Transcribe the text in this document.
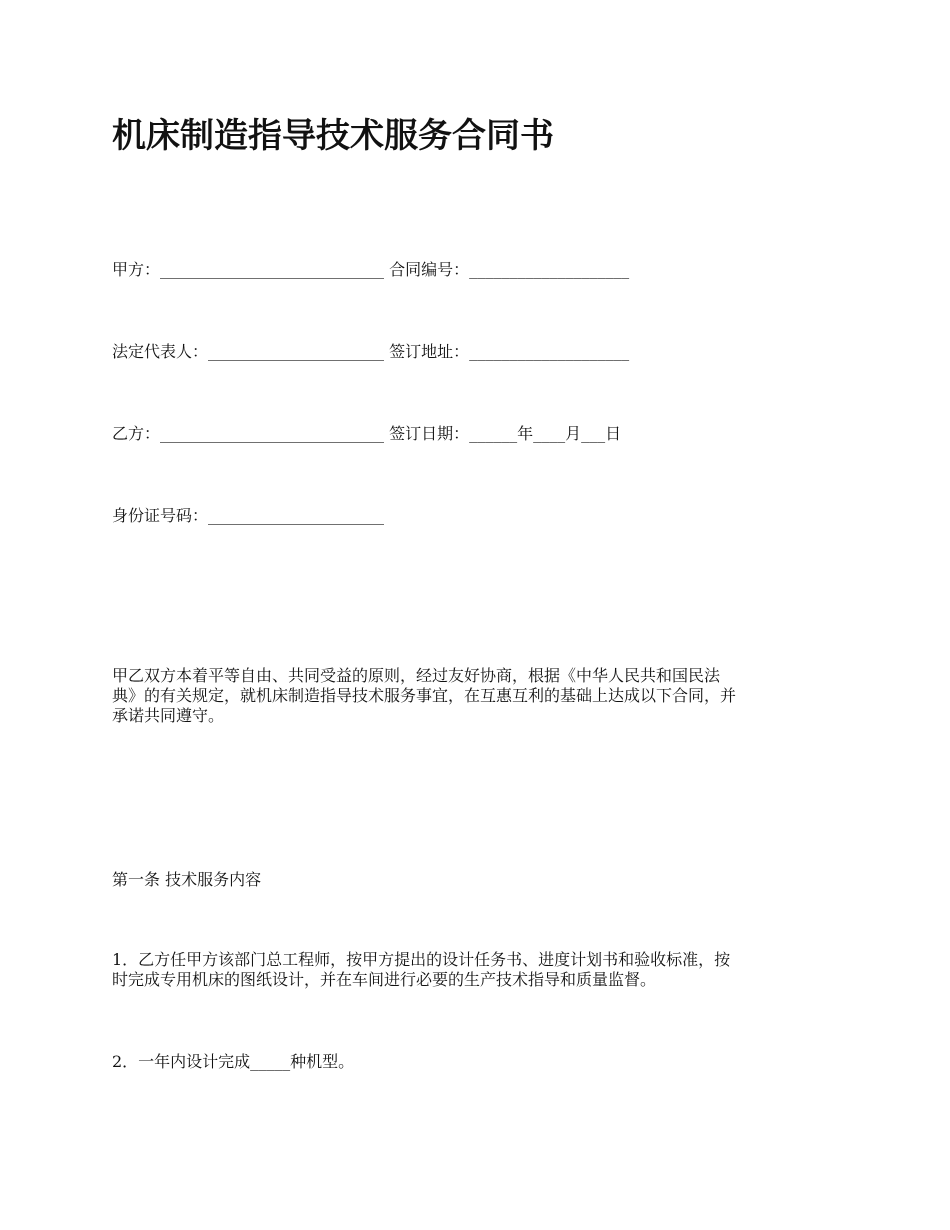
机床制造指导技术服务合同书
甲方：____________________________ 合同编号：____________________
法定代表人：______________________ 签订地址：____________________
乙方：____________________________ 签订日期：______年____月___日
身份证号码：______________________
甲乙双方本着平等自由、共同受益的原则，经过友好协商，根据《中华人民共和国民法
典》的有关规定，就机床制造指导技术服务事宜，在互惠互利的基础上达成以下合同，并
承诺共同遵守。
第一条 技术服务内容
1．乙方任甲方该部门总工程师，按甲方提出的设计任务书、进度计划书和验收标准，按
时完成专用机床的图纸设计，并在车间进行必要的生产技术指导和质量监督。
2．一年内设计完成_____种机型。
